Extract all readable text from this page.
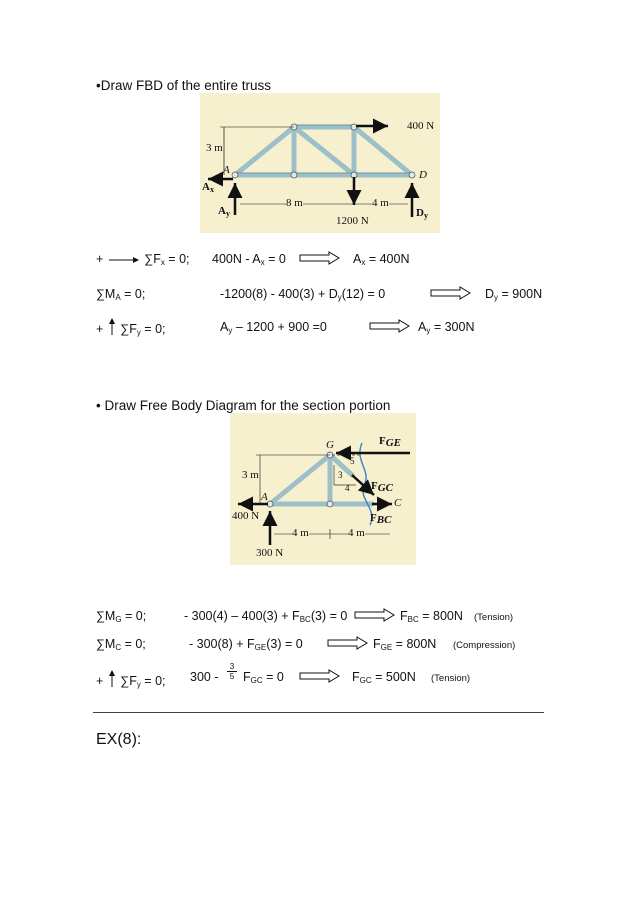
•Draw FBD of the entire truss
400 N
3 m
A	D
$A_x$
$A_y$	$D_y$
8 m	4 m
1200 N
+	$\sum F_x = 0$; $400N - A_x = 0$	$A_x = 400N$
$\sum M_A = 0$;	$-1200(8) - 400(3) + D_y(12) = 0$	$D_y = 900N$
+ $\sum F_y = 0$;	$A_y - 1200 + 900 =0$	$A_y = 300N$
• Draw Free Body Diagram for the section portion
G	$F_{GE}$
3 m
5
3
4 $F_{GC}$
A	C
400 N	$F_{BC}$
4 m	4 m
300 N
$\sum M_G = 0$;	- $300(4) - 400(3) + F_{BC}(3) = 0$	$F_{BC} = 800N$ (Tension)
$\sum M_C = 0$;	- $300(8) + F_{GE}(3) = 0$	$F_{GE} = 800N$ (Compression)
+ $\sum F_y = 0$; $300 - \frac{3}{5} F_{GC} = 0$	$F_{GC} = 500N$ (Tension)
EX(8):
